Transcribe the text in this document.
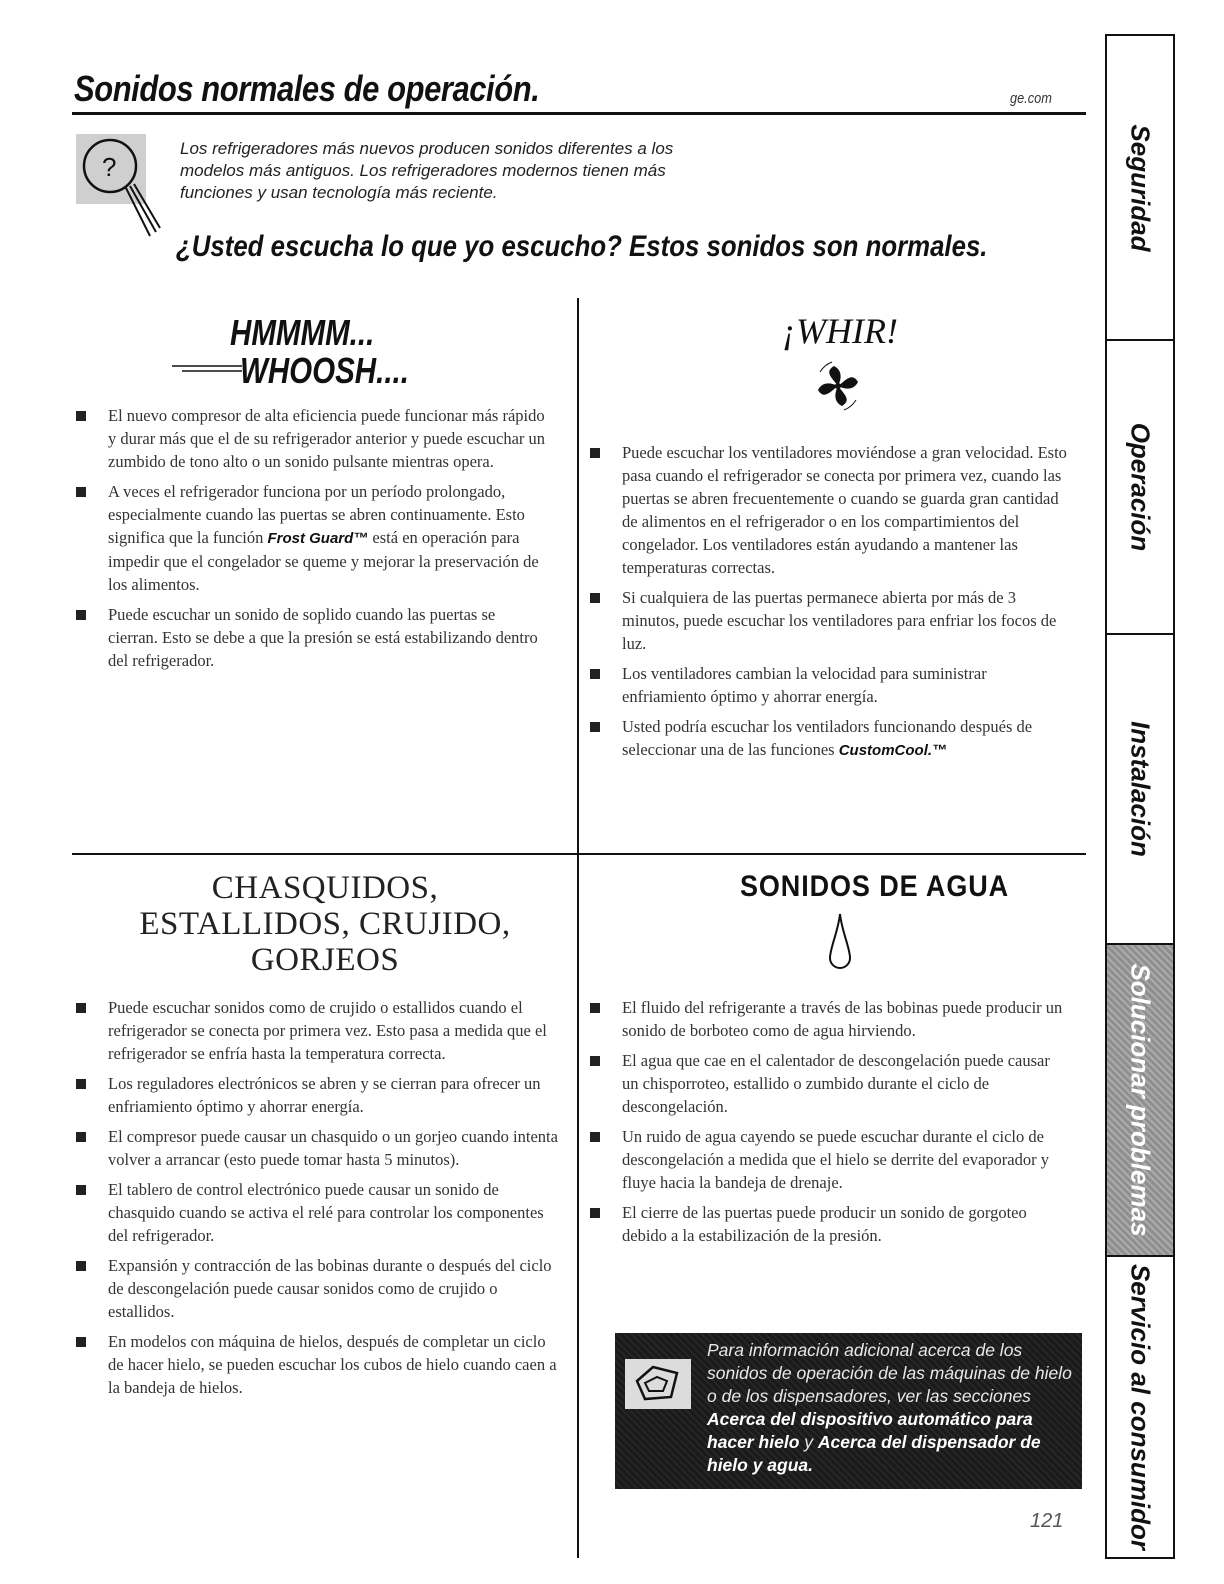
Sonidos normales de operación.	ge.com
?
Los refrigeradores más nuevos producen sonidos diferentes a los modelos más antiguos. Los refrigeradores modernos tienen más funciones y usan tecnología más reciente.
¿Usted escucha lo que yo escucho? Estos sonidos son normales.
HMMMM...
WHOOSH....
El nuevo compresor de alta eficiencia puede funcionar más rápido y durar más que el de su refrigerador anterior y puede escuchar un zumbido de tono alto o un sonido pulsante mientras opera.
A veces el refrigerador funciona por un período prolongado, especialmente cuando las puertas se abren continuamente. Esto significa que la función Frost Guard™ está en operación para impedir que el congelador se queme y mejorar la preservación de los alimentos.
Puede escuchar un sonido de soplido cuando las puertas se cierran. Esto se debe a que la presión se está estabilizando dentro del refrigerador.
¡WHIR!
Puede escuchar los ventiladores moviéndose a gran velocidad. Esto pasa cuando el refrigerador se conecta por primera vez, cuando las puertas se abren frecuentemente o cuando se guarda gran cantidad de alimentos en el refrigerador o en los compartimientos del congelador. Los ventiladores están ayudando a mantener las temperaturas correctas.
Si cualquiera de las puertas permanece abierta por más de 3 minutos, puede escuchar los ventiladores para enfriar los focos de luz.
Los ventiladores cambian la velocidad para suministrar enfriamiento óptimo y ahorrar energía.
Usted podría escuchar los ventiladors funcionando después de seleccionar una de las funciones CustomCool.™
CHASQUIDOS,
ESTALLIDOS, CRUJIDO,
GORJEOS
Puede escuchar sonidos como de crujido o estallidos cuando el refrigerador se conecta por primera vez. Esto pasa a medida que el refrigerador se enfría hasta la temperatura correcta.
Los reguladores electrónicos se abren y se cierran para ofrecer un enfriamiento óptimo y ahorrar energía.
El compresor puede causar un chasquido o un gorjeo cuando intenta volver a arrancar (esto puede tomar hasta 5 minutos).
El tablero de control electrónico puede causar un sonido de chasquido cuando se activa el relé para controlar los componentes del refrigerador.
Expansión y contracción de las bobinas durante o después del ciclo de descongelación puede causar sonidos como de crujido o estallidos.
En modelos con máquina de hielos, después de completar un ciclo de hacer hielo, se pueden escuchar los cubos de hielo cuando caen a la bandeja de hielos.
SONIDOS DE AGUA
El fluido del refrigerante a través de las bobinas puede producir un sonido de borboteo como de agua hirviendo.
El agua que cae en el calentador de descongelación puede causar un chisporroteo, estallido o zumbido durante el ciclo de descongelación.
Un ruido de agua cayendo se puede escuchar durante el ciclo de descongelación a medida que el hielo se derrite del evaporador y fluye hacia la bandeja de drenaje.
El cierre de las puertas puede producir un sonido de gorgoteo debido a la estabilización de la presión.
Para información adicional acerca de los sonidos de operación de las máquinas de hielo o de los dispensadores, ver las secciones Acerca del dispositivo automático para hacer hielo y Acerca del dispensador de hielo y agua.
121
Seguridad
Operación
Instalación
Solucionar problemas
Servicio al consumidor
